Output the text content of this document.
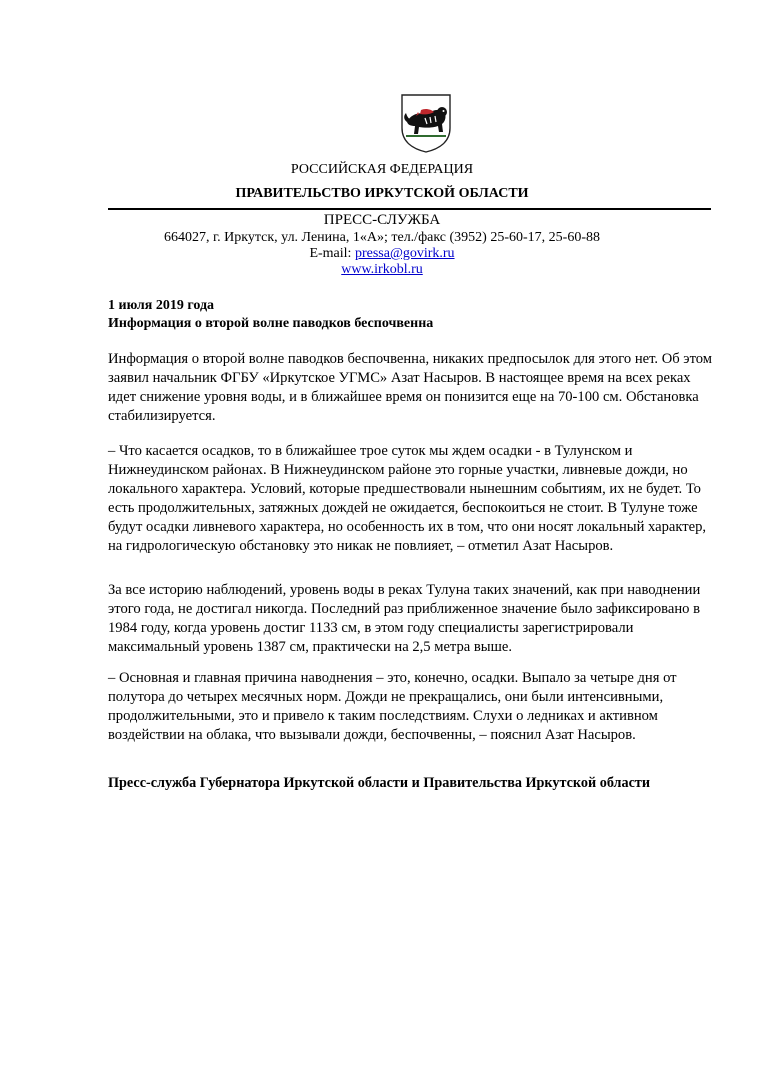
РОССИЙСКАЯ ФЕДЕРАЦИЯ
ПРАВИТЕЛЬСТВО ИРКУТСКОЙ ОБЛАСТИ
ПРЕСС-СЛУЖБА
664027, г. Иркутск, ул. Ленина, 1«А»; тел./факс (3952) 25-60-17, 25-60-88
E-mail: pressa@govirk.ru
www.irkobl.ru
1 июля 2019 года
Информация о второй волне паводков беспочвенна

Информация о второй волне паводков беспочвенна, никаких предпосылок для этого нет. Об этом заявил начальник ФГБУ «Иркутское УГМС» Азат Насыров. В настоящее время на всех реках идет снижение уровня воды, и в ближайшее время он понизится еще на 70-100 см. Обстановка стабилизируется.

– Что касается осадков, то в ближайшее трое суток мы ждем осадки - в Тулунском и Нижнеудинском районах. В Нижнеудинском районе это горные участки, ливневые дожди, но локального характера. Условий, которые предшествовали нынешним событиям, их не будет. То есть продолжительных, затяжных дождей не ожидается, беспокоиться не стоит. В Тулуне тоже будут осадки ливневого характера, но особенность их в том, что они носят локальный характер, на гидрологическую обстановку это никак не повлияет, – отметил Азат Насыров.

За все историю наблюдений, уровень воды в реках Тулуна таких значений, как при наводнении этого года, не достигал никогда. Последний раз приближенное значение было зафиксировано в 1984 году, когда уровень достиг 1133 см, в этом году специалисты зарегистрировали максимальный уровень 1387 см, практически на 2,5 метра выше.

– Основная и главная причина наводнения – это, конечно, осадки. Выпало за четыре дня от полутора до четырех месячных норм. Дожди не прекращались, они были интенсивными, продолжительными, это и привело к таким последствиям. Слухи о ледниках и активном воздействии на облака, что вызывали дожди, беспочвенны, – пояснил Азат Насыров.

Пресс-служба Губернатора Иркутской области и Правительства Иркутской области
